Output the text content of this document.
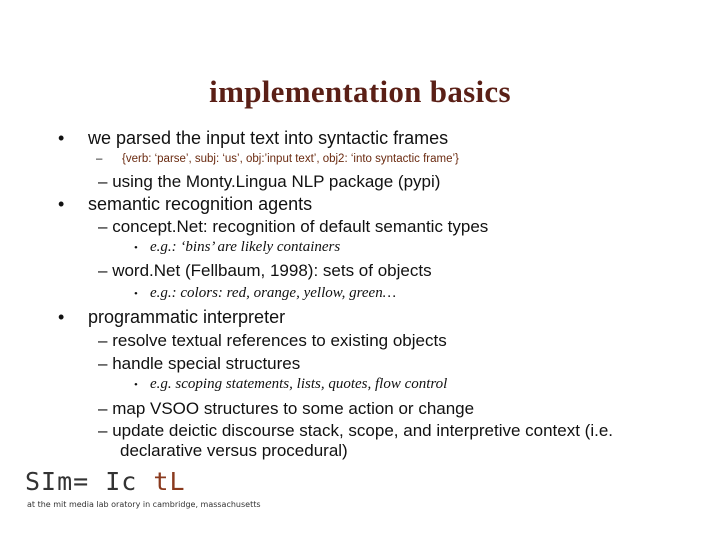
implementation basics
• we parsed the input text into syntactic frames
– {verb: ‘parse’, subj: ‘us’, obj:’input text’, obj2: ‘into syntactic frame’}
– using the Monty.Lingua NLP package (pypi)
• semantic recognition agents
– concept.Net: recognition of default semantic types
• e.g.: ‘bins’ are likely containers
– word.Net (Fellbaum, 1998): sets of objects
• e.g.: colors: red, orange, yellow, green…
• programmatic interpreter
– resolve textual references to existing objects
– handle special structures
• e.g. scoping statements, lists, quotes, flow control
– map VSOO structures to some action or change
– update deictic discourse stack, scope, and interpretive context (i.e.
declarative versus procedural)
SIm= Ic tL
at the mit media lab oratory in cambridge, massachusetts
